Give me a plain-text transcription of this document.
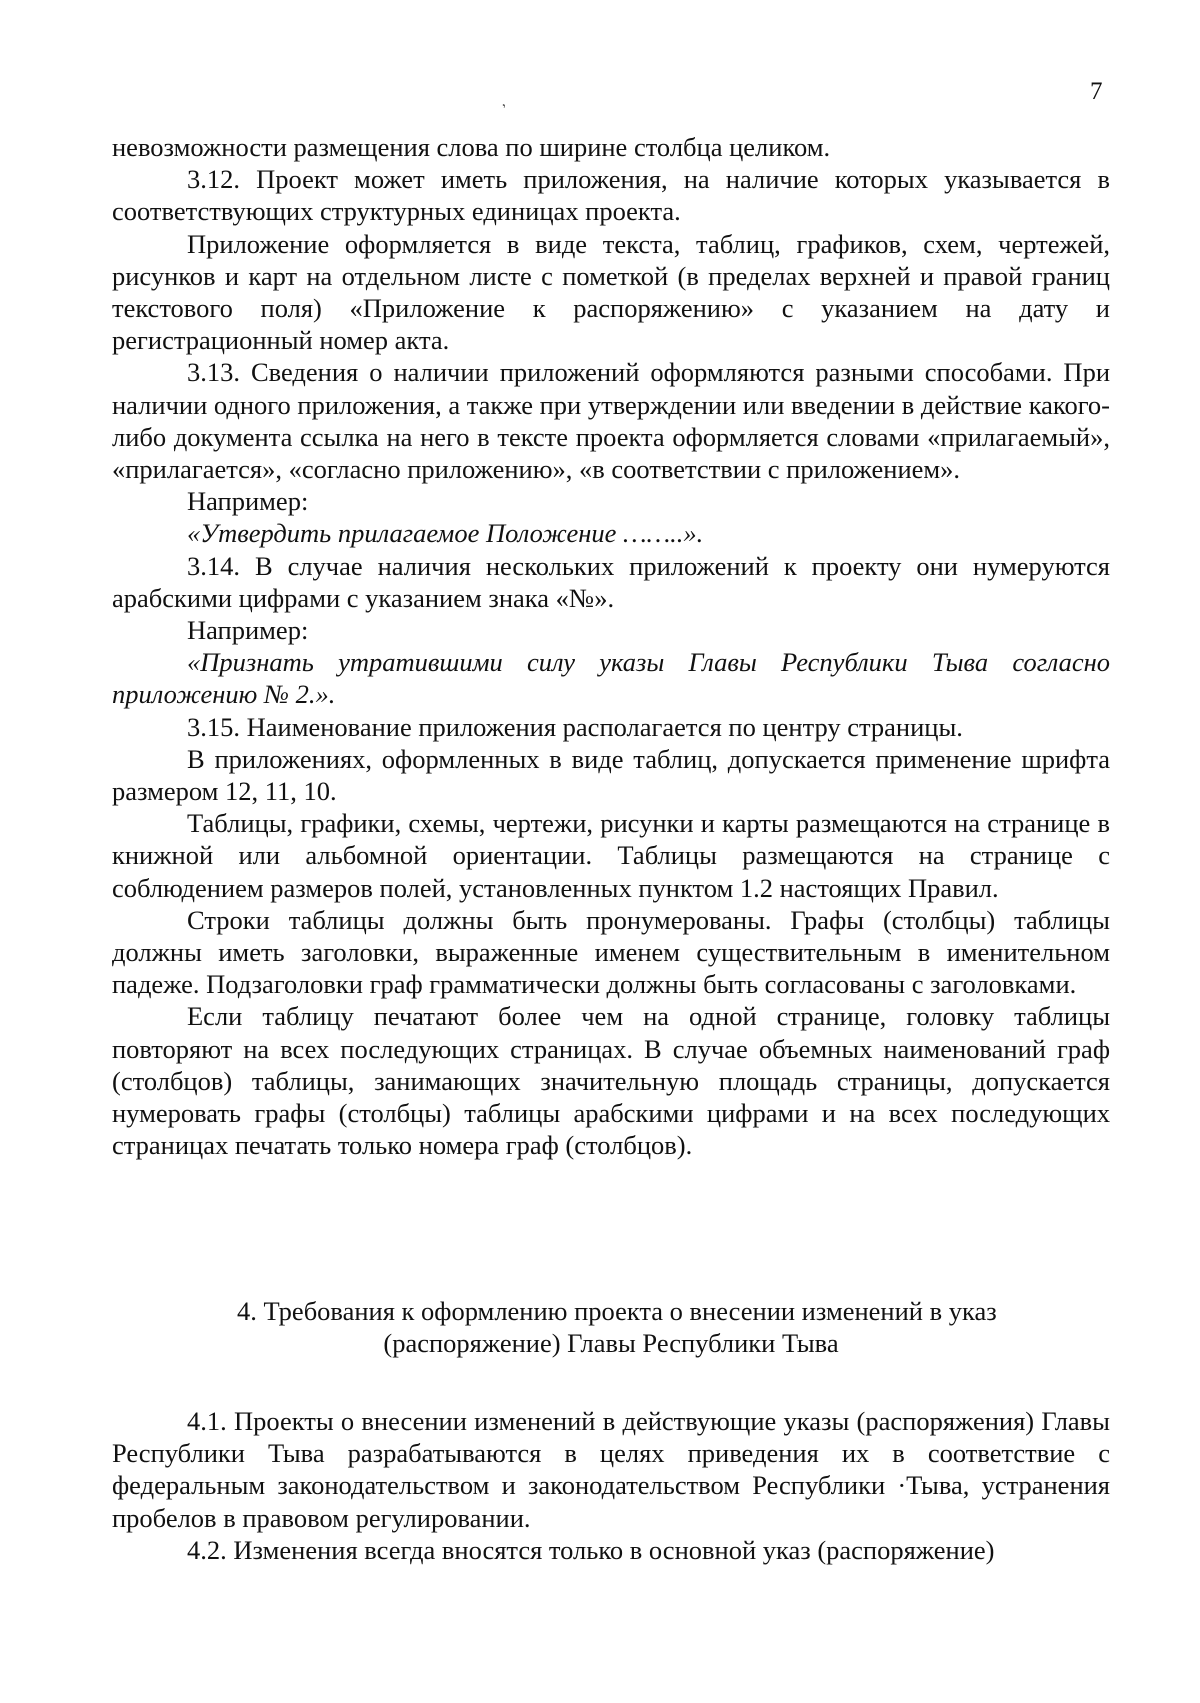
7
‚

невозможности размещения слова по ширине столбца целиком.

3.12. Проект может иметь приложения, на наличие которых указывается в соответствующих структурных единицах проекта.

Приложение оформляется в виде текста, таблиц, графиков, схем, чертежей, рисунков и карт на отдельном листе с пометкой (в пределах верхней и правой границ текстового поля) «Приложение к распоряжению» с указанием на дату и регистрационный номер акта.

3.13. Сведения о наличии приложений оформляются разными способами. При наличии одного приложения, а также при утверждении или введении в действие какого-либо документа ссылка на него в тексте проекта оформляется словами «прилагаемый», «прилагается», «согласно приложению», «в соответствии с приложением».

Например:

«Утвердить прилагаемое Положение ……..».

3.14. В случае наличия нескольких приложений к проекту они нумеруются арабскими цифрами с указанием знака «№».

Например:

«Признать утратившими силу указы Главы Республики Тыва согласно приложению № 2.».

3.15. Наименование приложения располагается по центру страницы.

В приложениях, оформленных в виде таблиц, допускается применение шрифта размером 12, 11, 10.

Таблицы, графики, схемы, чертежи, рисунки и карты размещаются на странице в книжной или альбомной ориентации. Таблицы размещаются на странице с соблюдением размеров полей, установленных пунктом 1.2 настоящих Правил.

Строки таблицы должны быть пронумерованы. Графы (столбцы) таблицы должны иметь заголовки, выраженные именем существительным в именительном падеже. Подзаголовки граф грамматически должны быть согласованы с заголовками.

Если таблицу печатают более чем на одной странице, головку таблицы повторяют на всех последующих страницах. В случае объемных наименований граф (столбцов) таблицы, занимающих значительную площадь страницы, допускается нумеровать графы (столбцы) таблицы арабскими цифрами и на всех последующих страницах печатать только номера граф (столбцов).

4. Требования к оформлению проекта о внесении изменений в указ
(распоряжение) Главы Республики Тыва

4.1. Проекты о внесении изменений в действующие указы (распоряжения) Главы Республики Тыва разрабатываются в целях приведения их в соответствие с федеральным законодательством и законодательством Республики ·Тыва, устранения пробелов в правовом регулировании.

4.2. Изменения всегда вносятся только в основной указ (распоряжение)
